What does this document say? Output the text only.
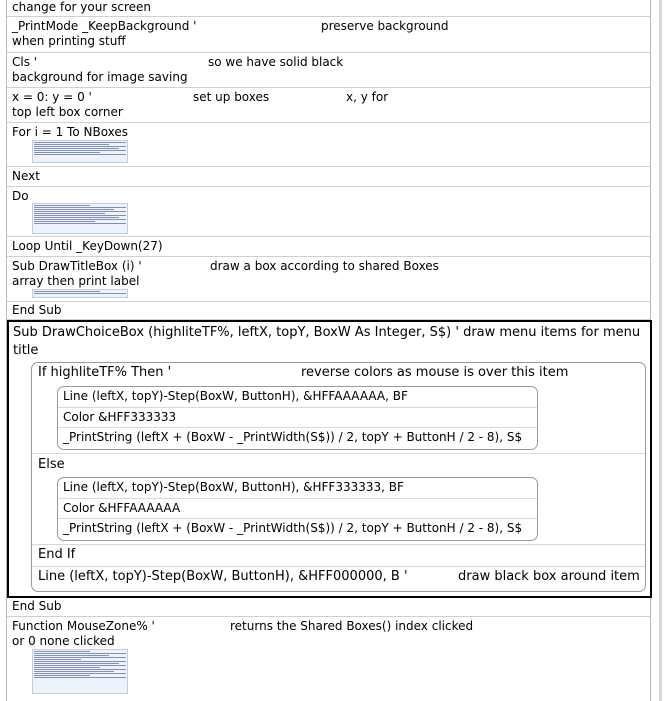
change for your screen
_PrintMode _KeepBackground '	preserve background
when printing stuff
Cls '	so we have solid black
background for image saving
x = 0: y = 0 '	set up boxes	x, y for
top left box corner
For i = 1 To NBoxes
Next
Do
Loop Until _KeyDown(27)
Sub DrawTitleBox (i) '	draw a box according to shared Boxes
array then print label
End Sub
Sub DrawChoiceBox (highliteTF%, leftX, topY, BoxW As Integer, S$) ' draw menu items for menu title
If highliteTF% Then '	reverse colors as mouse is over this item
Line (leftX, topY)-Step(BoxW, ButtonH), &HFFAAAAAA, BF
Color &HFF333333
_PrintString (leftX + (BoxW - _PrintWidth(S$)) / 2, topY + ButtonH / 2 - 8), S$
Else
Line (leftX, topY)-Step(BoxW, ButtonH), &HFF333333, BF
Color &HFFAAAAAA
_PrintString (leftX + (BoxW - _PrintWidth(S$)) / 2, topY + ButtonH / 2 - 8), S$
End If
Line (leftX, topY)-Step(BoxW, ButtonH), &HFF000000, B '	draw black box around item
End Sub
Function MouseZone% '	returns the Shared Boxes() index clicked
or 0 none clicked
